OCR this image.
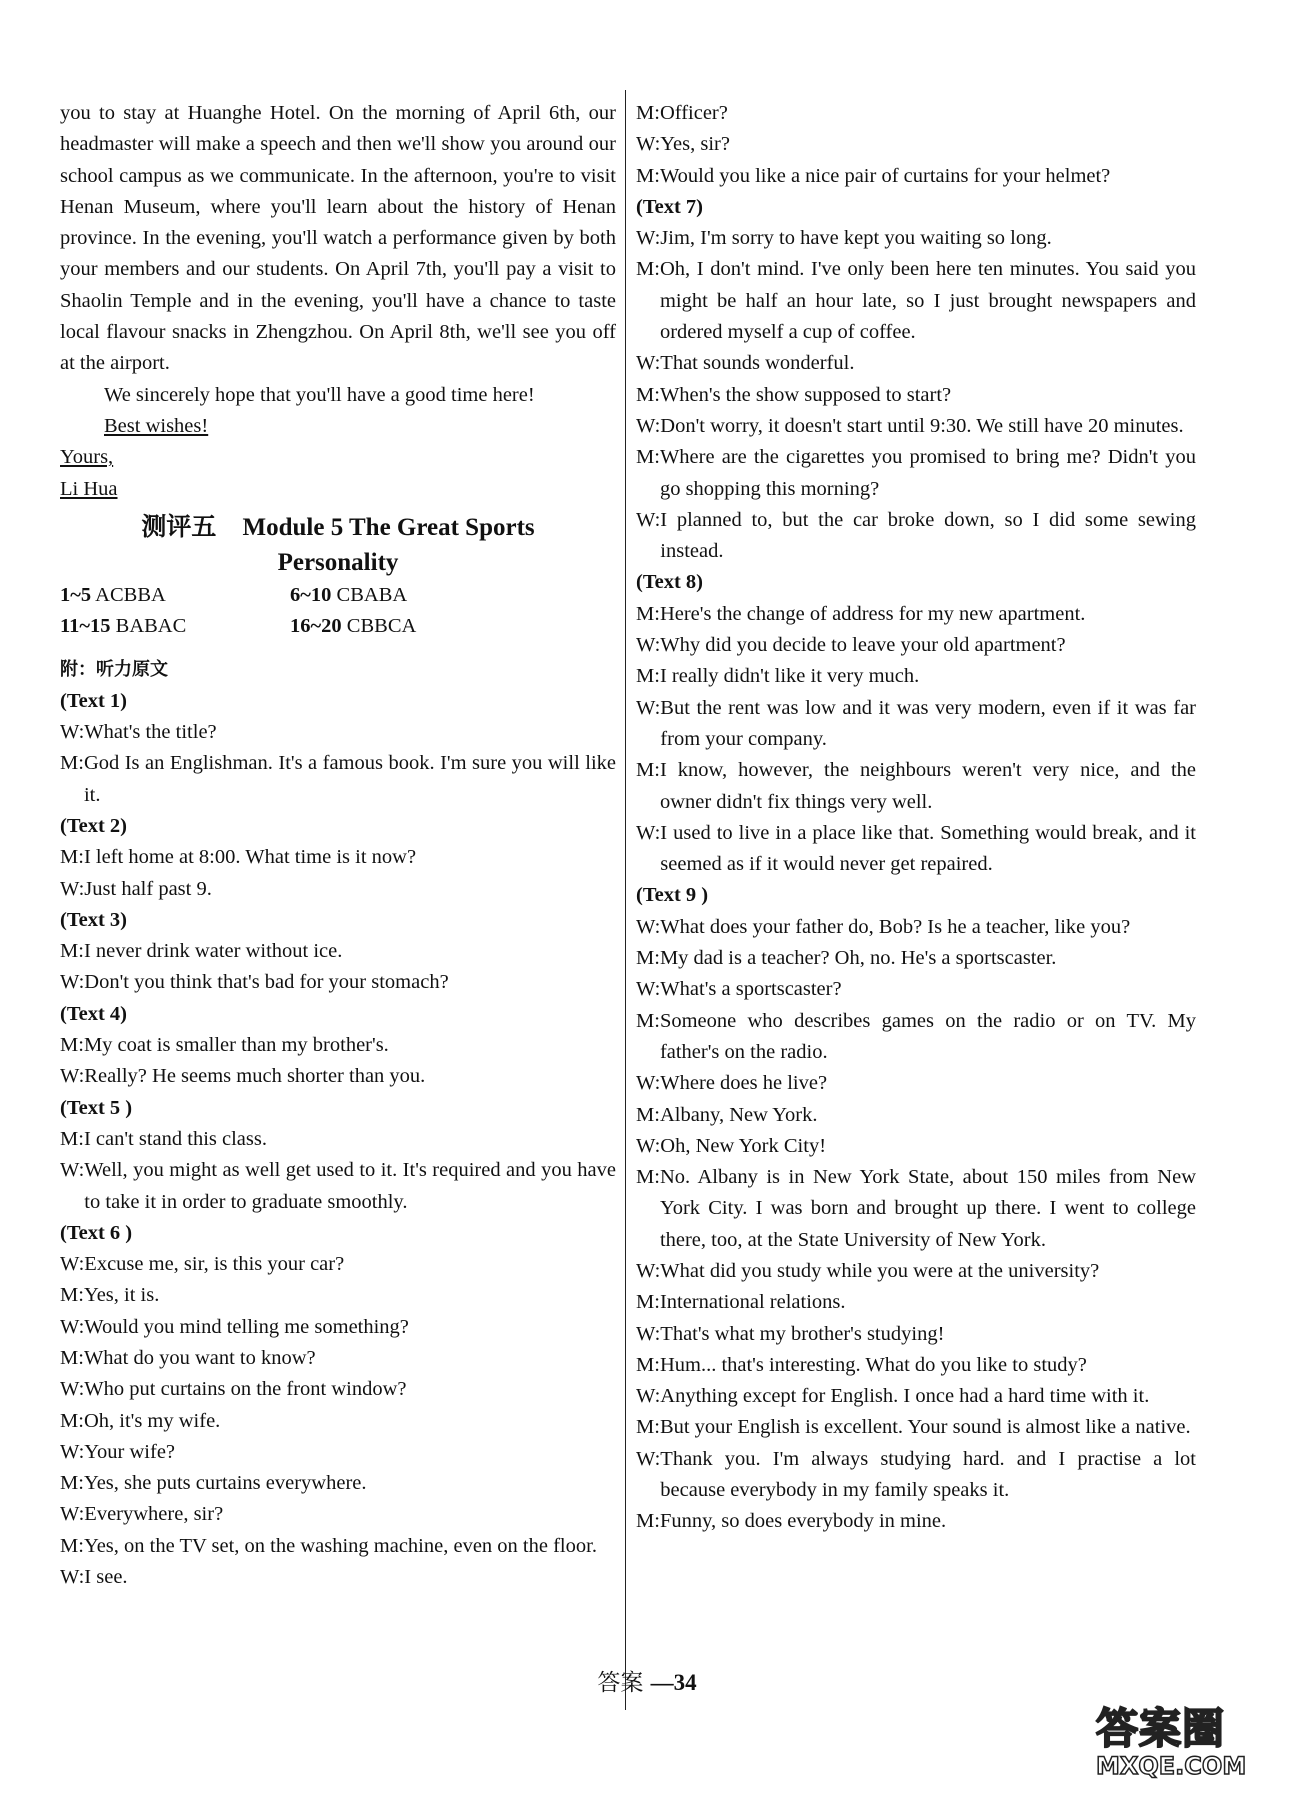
you to stay at Huanghe Hotel. On the morning of April 6th, our headmaster will make a speech and then we'll show you around our school campus as we communicate. In the afternoon, you're to visit Henan Museum, where you'll learn about the history of Henan province. In the evening, you'll watch a performance given by both your members and our students. On April 7th, you'll pay a visit to Shaolin Temple and in the evening, you'll have a chance to taste local flavour snacks in Zhengzhou. On April 8th, we'll see you off at the airport.

We sincerely hope that you'll have a good time here!

Best wishes!

Yours,

Li Hua

测评五 Module 5 The Great Sports
Personality
1~5 ACBBA	6~10 CBABA
11~15 BABAC	16~20 CBBCA
附：听力原文
(Text 1)
W: What's the title?
M: God Is an Englishman. It's a famous book. I'm sure you will like it.
(Text 2)
M: I left home at 8:00. What time is it now?
W: Just half past 9.
(Text 3)
M: I never drink water without ice.
W: Don't you think that's bad for your stomach?
(Text 4)
M: My coat is smaller than my brother's.
W: Really? He seems much shorter than you.
(Text 5 )
M: I can't stand this class.
W: Well, you might as well get used to it. It's required and you have to take it in order to graduate smoothly.
(Text 6 )
W: Excuse me, sir, is this your car?
M: Yes, it is.
W: Would you mind telling me something?
M: What do you want to know?
W: Who put curtains on the front window?
M: Oh, it's my wife.
W: Your wife?
M: Yes, she puts curtains everywhere.
W: Everywhere, sir?
M: Yes, on the TV set, on the washing machine, even on the floor.
W: I see.
M: Officer?
W: Yes, sir?
M: Would you like a nice pair of curtains for your helmet?
(Text 7)
W: Jim, I'm sorry to have kept you waiting so long.
M: Oh, I don't mind. I've only been here ten minutes. You said you might be half an hour late, so I just brought newspapers and ordered myself a cup of coffee.
W: That sounds wonderful.
M: When's the show supposed to start?
W: Don't worry, it doesn't start until 9:30. We still have 20 minutes.
M: Where are the cigarettes you promised to bring me? Didn't you go shopping this morning?
W: I planned to, but the car broke down, so I did some sewing instead.
(Text 8)
M: Here's the change of address for my new apartment.
W: Why did you decide to leave your old apartment?
M: I really didn't like it very much.
W: But the rent was low and it was very modern, even if it was far from your company.
M: I know, however, the neighbours weren't very nice, and the owner didn't fix things very well.
W: I used to live in a place like that. Something would break, and it seemed as if it would never get repaired.
(Text 9 )
W: What does your father do, Bob? Is he a teacher, like you?
M: My dad is a teacher? Oh, no. He's a sportscaster.
W: What's a sportscaster?
M: Someone who describes games on the radio or on TV. My father's on the radio.
W: Where does he live?
M: Albany, New York.
W: Oh, New York City!
M: No. Albany is in New York State, about 150 miles from New York City. I was born and brought up there. I went to college there, too, at the State University of New York.
W: What did you study while you were at the university?
M: International relations.
W: That's what my brother's studying!
M: Hum... that's interesting. What do you like to study?
W: Anything except for English. I once had a hard time with it.
M: But your English is excellent. Your sound is almost like a native.
W: Thank you. I'm always studying hard. and I practise a lot because everybody in my family speaks it.
M: Funny, so does everybody in mine.
答案 —34
答案圈
MXQE.COM
